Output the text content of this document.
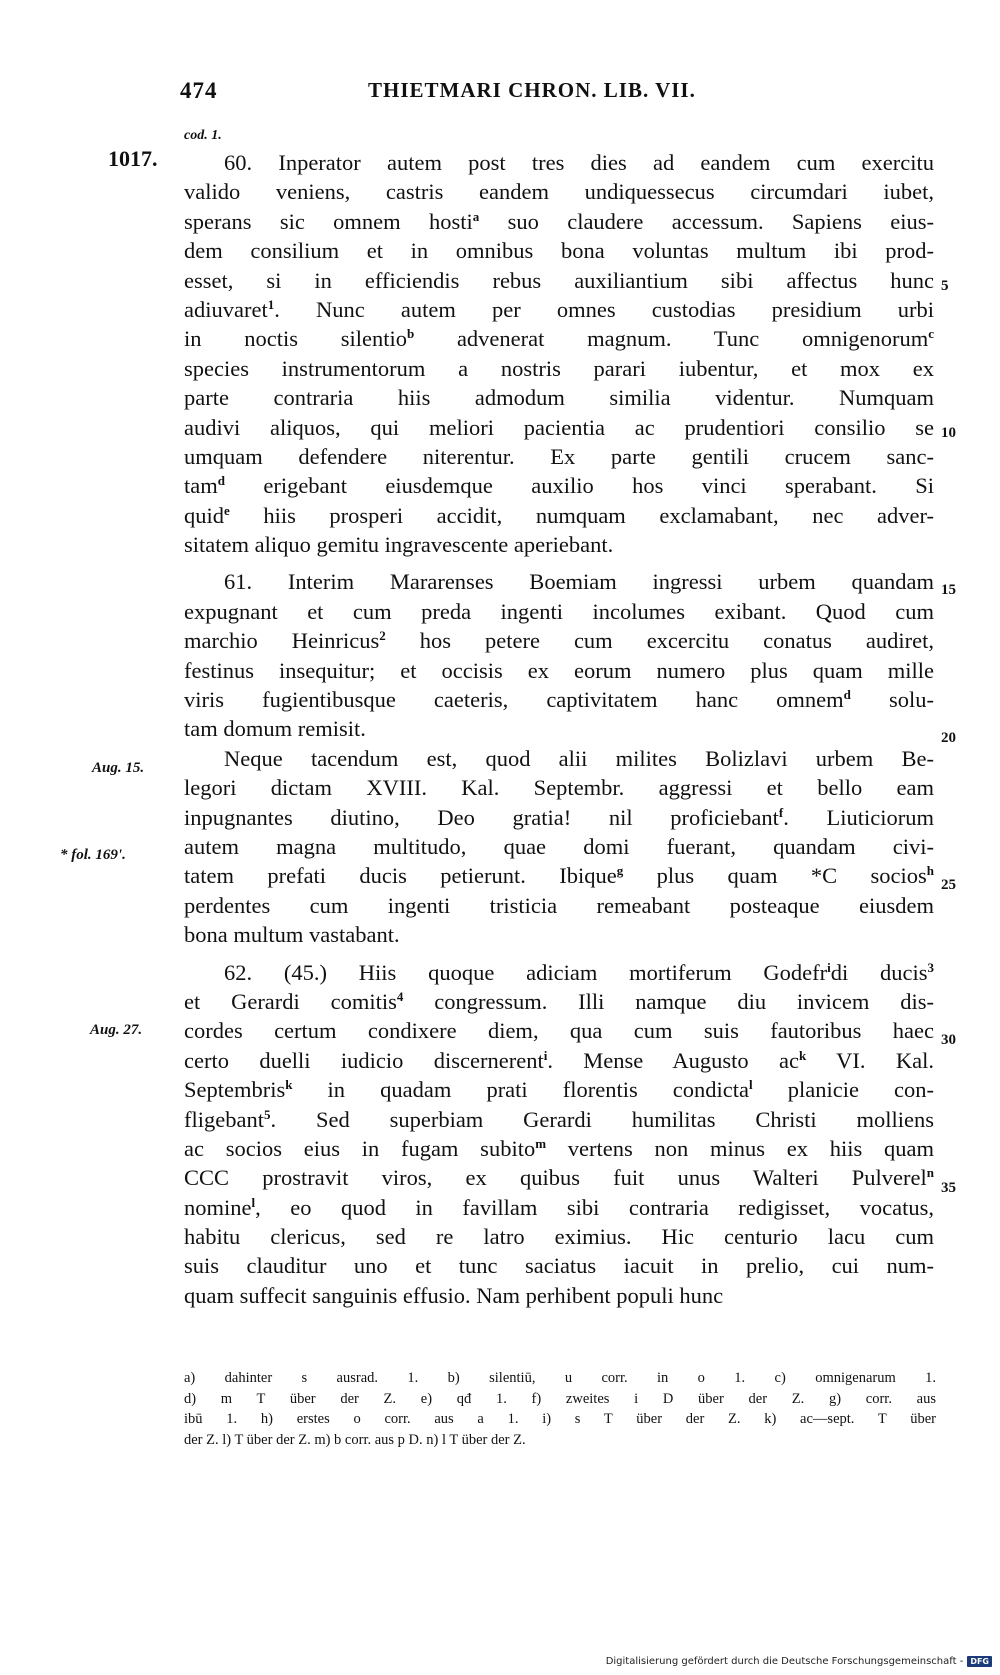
474	THIETMARI CHRON. LIB. VII.
cod. 1.
1017.
Aug. 15.
* fol. 169'.
Aug. 27.
5
10
15
20
25
30
35
60. Inperator autem post tres dies ad eandem cum exercitu
valido veniens, castris eandem undiquessecus circumdari iubet,
sperans sic omnem hosti$^a$ suo claudere accessum. Sapiens eius-
dem consilium et in omnibus bona voluntas multum ibi prod-
esset, si in efficiendis rebus auxiliantium sibi affectus hunc
adiuvaret$^1$. Nunc autem per omnes custodias presidium urbi
in noctis silentio$^b$ advenerat magnum. Tunc omnigenorum$^c$
species instrumentorum a nostris parari iubentur, et mox ex
parte contraria hiis admodum similia videntur. Numquam
audivi aliquos, qui meliori pacientia ac prudentiori consilio se
umquam defendere niterentur. Ex parte gentili crucem sanc-
tam$^d$ erigebant eiusdemque auxilio hos vinci sperabant. Si
quid$^e$ hiis prosperi accidit, numquam exclamabant, nec adver-
sitatem aliquo gemitu ingravescente aperiebant.
61. Interim Mararenses Boemiam ingressi urbem quandam
expugnant et cum preda ingenti incolumes exibant. Quod cum
marchio Heinricus$^2$ hos petere cum excercitu conatus audiret,
festinus insequitur; et occisis ex eorum numero plus quam mille
viris fugientibusque caeteris, captivitatem hanc omnem$^d$ solu-
tam domum remisit.
Neque tacendum est, quod alii milites Bolizlavi urbem Be-
legori dictam XVIII. Kal. Septembr. aggressi et bello eam
inpugnantes diutino, Deo gratia! nil proficiebant$^f$. Liuticiorum
autem magna multitudo, quae domi fuerant, quandam civi-
tatem prefati ducis petierunt. Ibique$^g$ plus quam *C socios$^h$
perdentes cum ingenti tristicia remeabant posteaque eiusdem
bona multum vastabant.
62. (45.) Hiis quoque adiciam mortiferum Godefr$^i$di ducis$^3$
et Gerardi comitis$^4$ congressum. Illi namque diu invicem dis-
cordes certum condixere diem, qua cum suis fautoribus haec
certo duelli iudicio discernerent$^i$. Mense Augusto $ac^k$ VI. Kal.
Septembris$^k$ in quadam prati florentis condicta$^l$ planicie con-
fligebant$^5$. Sed superbiam Gerardi humilitas Christi molliens
ac socios eius in fugam subito$^m$ vertens non minus ex hiis quam
CCC prostravit viros, ex quibus fuit unus Walteri Pulverel$^n$
nomine$^l$, eo quod in favillam sibi contraria redigisset, vocatus,
habitu clericus, sed re latro eximius. Hic centurio lacu cum
suis clauditur uno et tunc saciatus iacuit in prelio, cui num-
quam suffecit sanguinis effusio. Nam perhibent populi hunc
a) dahinter s ausrad. 1. b) silentiū, u corr. in o 1. c) omnigenarum 1.
d) m T über der Z. e) qđ 1. f) zweites i D über der Z. g) corr. aus
ibū 1. h) erstes o corr. aus a 1. i) s T über der Z. k) ac—sept. T über
der Z. l) T über der Z. m) b corr. aus p D. n) l T über der Z.
Digitalisierung gefördert durch die Deutsche Forschungsgemeinschaft - DFG
